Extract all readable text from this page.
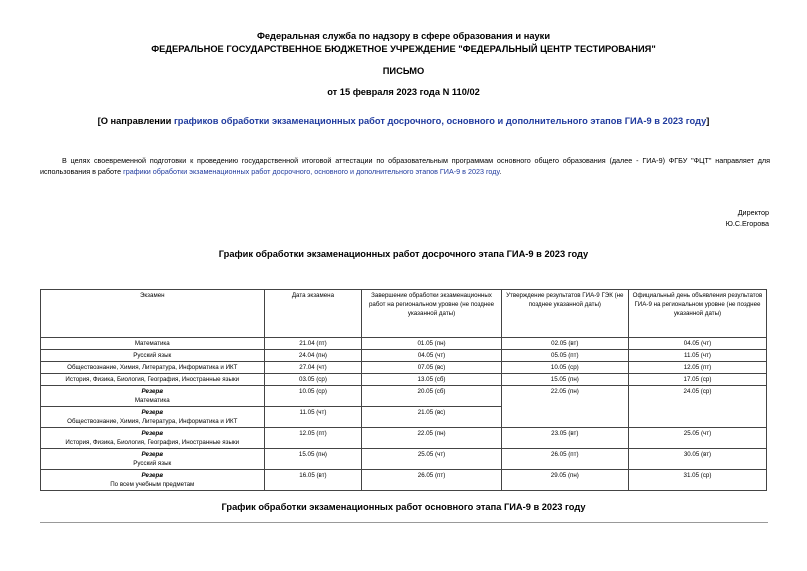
Федеральная служба по надзору в сфере образования и науки
ФЕДЕРАЛЬНОЕ ГОСУДАРСТВЕННОЕ БЮДЖЕТНОЕ УЧРЕЖДЕНИЕ "ФЕДЕРАЛЬНЫЙ ЦЕНТР ТЕСТИРОВАНИЯ"
ПИСЬМО
от 15 февраля 2023 года N 110/02
[О направлении графиков обработки экзаменационных работ досрочного, основного и дополнительного этапов ГИА-9 в 2023 году]
В целях своевременной подготовки к проведению государственной итоговой аттестации по образовательным программам основного общего образования (далее - ГИА-9) ФГБУ "ФЦТ" направляет для использования в работе графики обработки экзаменационных работ досрочного, основного и дополнительного этапов ГИА-9 в 2023 году.
Директор
Ю.С.Егорова
График обработки экзаменационных работ досрочного этапа ГИА-9 в 2023 году
Экзамен	Дата экзамена	Завершение обработки экзаменационных работ на региональном уровне (не позднее указанной даты)	Утверждение результатов ГИА-9 ГЭК (не позднее указанной даты)	Официальный день объявления результатов ГИА-9 на региональном уровне (не позднее указанной даты)
Математика	21.04 (пт)	01.05 (пн)	02.05 (вт)	04.05 (чт)
Русский язык	24.04 (пн)	04.05 (чт)	05.05 (пт)	11.05 (чт)
Обществознание, Химия, Литература, Информатика и ИКТ	27.04 (чт)	07.05 (вс)	10.05 (ср)	12.05 (пт)
История, Физика, Биология, География, Иностранные языки	03.05 (ср)	13.05 (сб)	15.05 (пн)	17.05 (ср)

Резерв
Математика	10.05 (ср)	20.05 (сб)	22.05 (пн)	24.05 (ср)

Резерв
Обществознание, Химия, Литература, Информатика и ИКТ	11.05 (чт)	21.05 (вс)		

Резерв
История, Физика, Биология, География, Иностранные языки	12.05 (пт)	22.05 (пн)	23.05 (вт)	25.05 (чт)

Резерв
Русский язык	15.05 (пн)	25.05 (чт)	26.05 (пт)	30.05 (вт)

Резерв
По всем учебным предметам	16.05 (вт)	26.05 (пт)	29.05 (пн)	31.05 (ср)
График обработки экзаменационных работ основного этапа ГИА-9 в 2023 году
